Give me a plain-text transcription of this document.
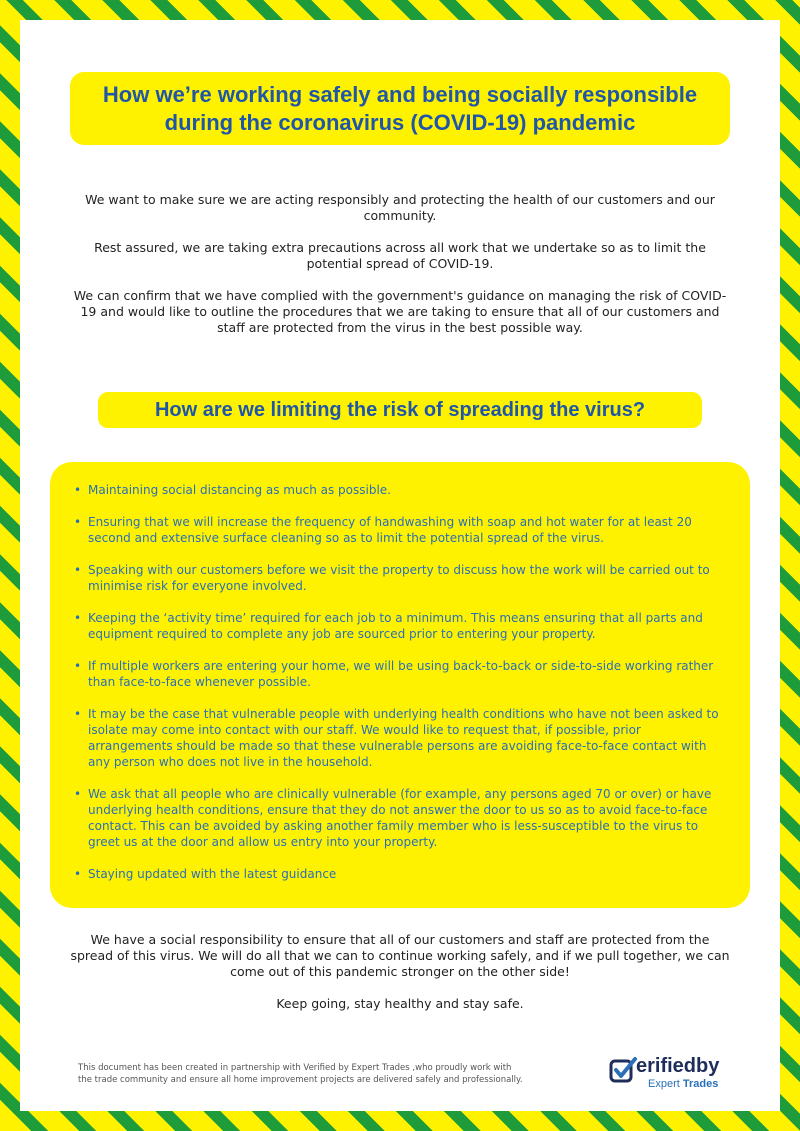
How we’re working safely and being socially responsible
during the coronavirus (COVID-19) pandemic

We want to make sure we are acting responsibly and protecting the health of our customers and our community.

Rest assured, we are taking extra precautions across all work that we undertake so as to limit the potential spread of COVID-19.

We can confirm that we have complied with the government's guidance on managing the risk of COVID-19 and would like to outline the procedures that we are taking to ensure that all of our customers and staff are protected from the virus in the best possible way.

How are we limiting the risk of spreading the virus?
• Maintaining social distancing as much as possible.
• Ensuring that we will increase the frequency of handwashing with soap and hot water for at least 20 second and extensive surface cleaning so as to limit the potential spread of the virus.
• Speaking with our customers before we visit the property to discuss how the work will be carried out to minimise risk for everyone involved.
• Keeping the ‘activity time’ required for each job to a minimum. This means ensuring that all parts and equipment required to complete any job are sourced prior to entering your property.
• If multiple workers are entering your home, we will be using back-to-back or side-to-side working rather than face-to-face whenever possible.
• It may be the case that vulnerable people with underlying health conditions who have not been asked to isolate may come into contact with our staff. We would like to request that, if possible, prior arrangements should be made so that these vulnerable persons are avoiding face-to-face contact with any person who does not live in the household.
• We ask that all people who are clinically vulnerable (for example, any persons aged 70 or over) or have underlying health conditions, ensure that they do not answer the door to us so as to avoid face-to-face contact. This can be avoided by asking another family member who is less-susceptible to the virus to greet us at the door and allow us entry into your property.
• Staying updated with the latest guidance

We have a social responsibility to ensure that all of our customers and staff are protected from the spread of this virus. We will do all that we can to continue working safely, and if we pull together, we can come out of this pandemic stronger on the other side!

Keep going, stay healthy and stay safe.

This document has been created in partnership with Verified by Expert Trades ,who proudly work with the trade community and ensure all home improvement projects are delivered safely and professionally.
erifiedby
Expert Trades
